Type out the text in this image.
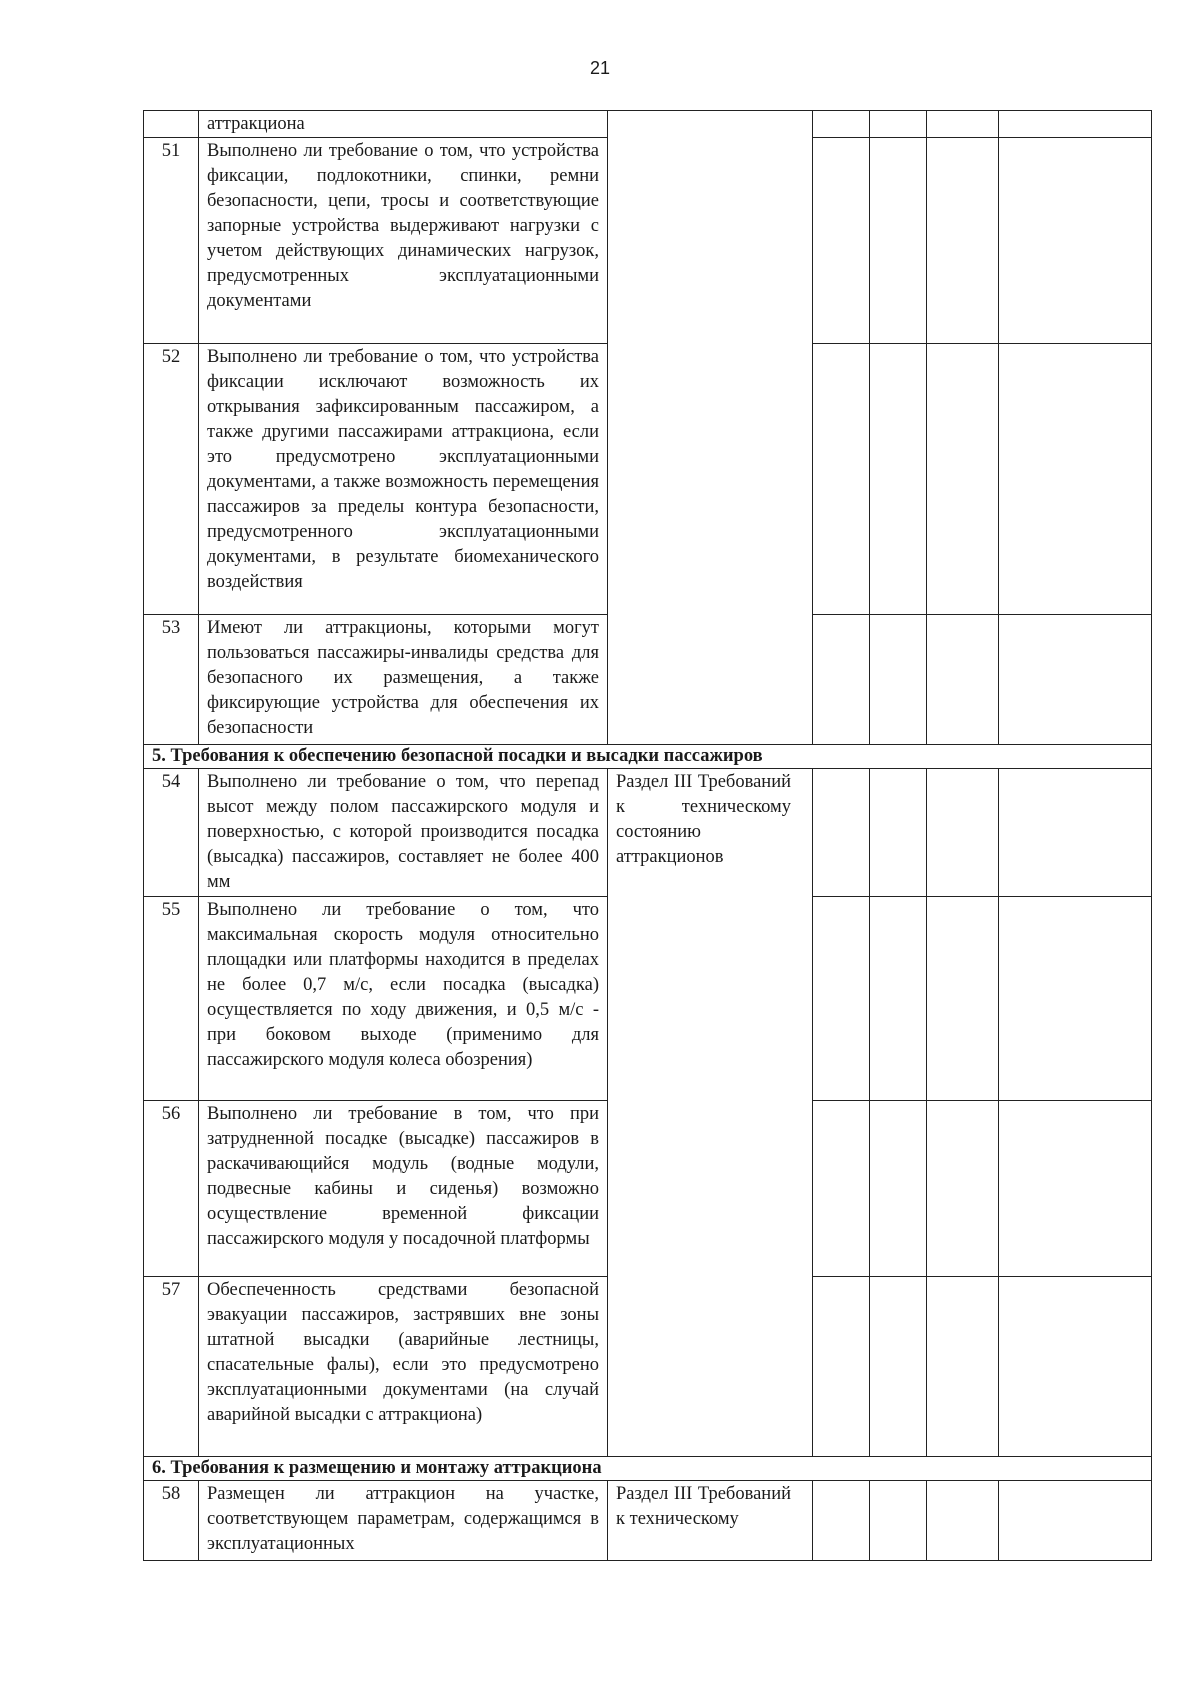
21
	аттракциона					
51	Выполнено ли требование о том, что устройства фиксации, подлокотники, спинки, ремни безопасности, цепи, тросы и соответствующие запорные устройства выдерживают нагрузки с учетом действующих динамических нагрузок, предусмотренных эксплуатационными документами					
52	Выполнено ли требование о том, что устройства фиксации исключают возможность их открывания зафиксированным пассажиром, а также другими пассажирами аттракциона, если это предусмотрено эксплуатационными документами, а также возможность перемещения пассажиров за пределы контура безопасности, предусмотренного эксплуатационными документами, в результате биомеханического воздействия					
53	Имеют ли аттракционы, которыми могут пользоваться пассажиры-инвалиды средства для безопасного их размещения, а также фиксирующие устройства для обеспечения их безопасности					
5. Требования к обеспечению безопасной посадки и высадки пассажиров						
54	Выполнено ли требование о том, что перепад высот между полом пассажирского модуля и поверхностью, с которой производится посадка (высадка) пассажиров, составляет не более 400 мм	Раздел III Требований к техническому состоянию аттракционов				

55	Выполнено ли требование о том, что максимальная скорость модуля относительно площадки или платформы находится в пределах не более 0,7 м/с, если посадка (высадка) осуществляется по ходу движения, и 0,5 м/с - при боковом выходе (применимо для пассажирского модуля колеса обозрения)					
56	Выполнено ли требование в том, что при затрудненной посадке (высадке) пассажиров в раскачивающийся модуль (водные модули, подвесные кабины и сиденья) возможно осуществление временной фиксации пассажирского модуля у посадочной платформы					
57	Обеспеченность средствами безопасной эвакуации пассажиров, застрявших вне зоны штатной высадки (аварийные лестницы, спасательные фалы), если это предусмотрено эксплуатационными документами (на случай аварийной высадки с аттракциона)					
6. Требования к размещению и монтажу аттракциона						
58	Размещен ли аттракцион на участке, соответствующем параметрам, содержащимся в эксплуатационных	Раздел III Требований к техническому				
